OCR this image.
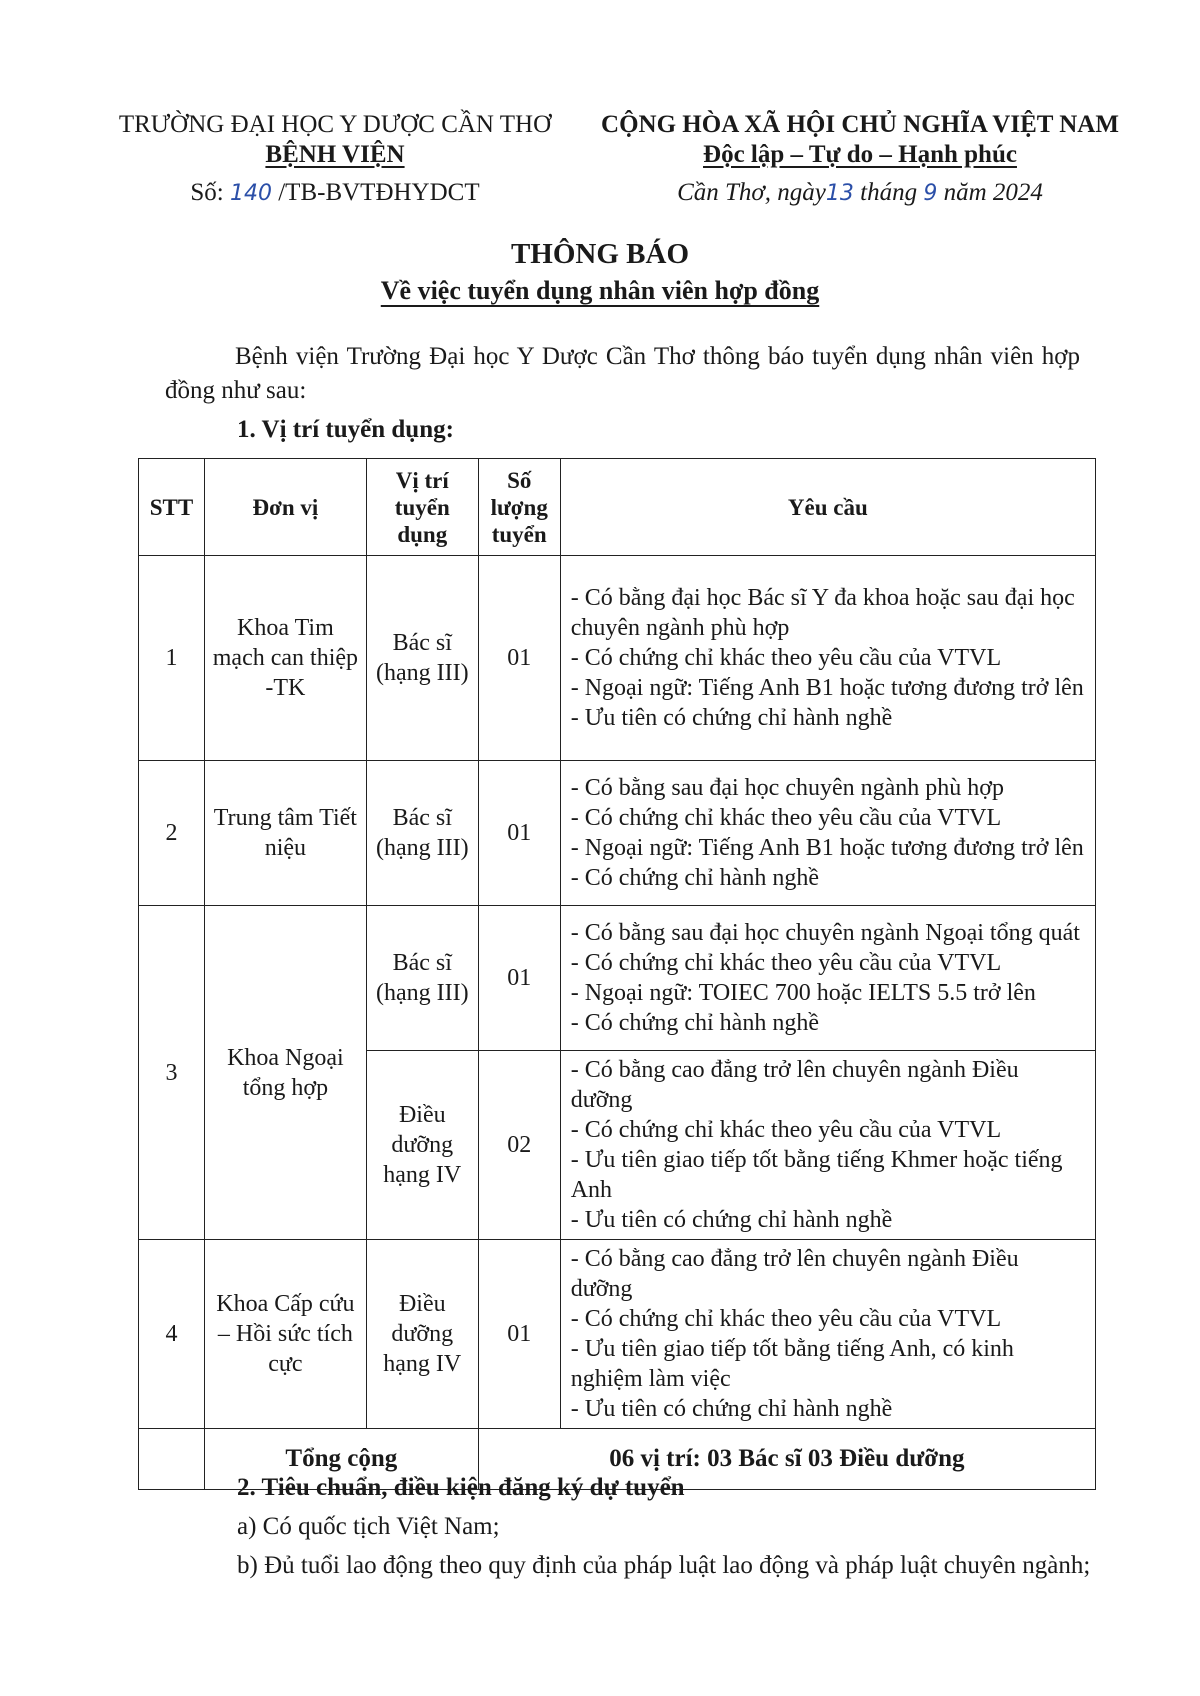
TRƯỜNG ĐẠI HỌC Y DƯỢC CẦN THƠ
BỆNH VIỆN
Số: 140 /TB-BVTĐHYDCT
CỘNG HÒA XÃ HỘI CHỦ NGHĨA VIỆT NAM
Độc lập – Tự do – Hạnh phúc
Cần Thơ, ngày13 tháng 9 năm 2024
THÔNG BÁO
Về việc tuyển dụng nhân viên hợp đồng
Bệnh viện Trường Đại học Y Dược Cần Thơ thông báo tuyển dụng nhân viên hợp đồng như sau:
1. Vị trí tuyển dụng:
STT	Đơn vị	Vị trí tuyển dụng	Số lượng tuyển	Yêu cầu
1	Khoa Tim mạch can thiệp -TK	Bác sĩ (hạng III)	01	- Có bằng đại học Bác sĩ Y đa khoa hoặc sau đại học chuyên ngành phù hợp
- Có chứng chỉ khác theo yêu cầu của VTVL
- Ngoại ngữ: Tiếng Anh B1 hoặc tương đương trở lên
- Ưu tiên có chứng chỉ hành nghề

2	Trung tâm Tiết niệu	Bác sĩ (hạng III)	01	- Có bằng sau đại học chuyên ngành phù hợp
- Có chứng chỉ khác theo yêu cầu của VTVL
- Ngoại ngữ: Tiếng Anh B1 hoặc tương đương trở lên
- Có chứng chỉ hành nghề

3	Khoa Ngoại tổng hợp	Bác sĩ (hạng III)	01	- Có bằng sau đại học chuyên ngành Ngoại tổng quát
- Có chứng chỉ khác theo yêu cầu của VTVL
- Ngoại ngữ: TOIEC 700 hoặc IELTS 5.5 trở lên
- Có chứng chỉ hành nghề

		Điều dưỡng hạng IV	02	- Có bằng cao đẳng trở lên chuyên ngành Điều dưỡng
- Có chứng chỉ khác theo yêu cầu của VTVL
- Ưu tiên giao tiếp tốt bằng tiếng Khmer hoặc tiếng Anh
- Ưu tiên có chứng chỉ hành nghề

4	Khoa Cấp cứu – Hồi sức tích cực	Điều dưỡng hạng IV	01	- Có bằng cao đẳng trở lên chuyên ngành Điều dưỡng
- Có chứng chỉ khác theo yêu cầu của VTVL
- Ưu tiên giao tiếp tốt bằng tiếng Anh, có kinh nghiệm làm việc
- Ưu tiên có chứng chỉ hành nghề

	Tổng cộng		06 vị trí: 03 Bác sĩ 03 Điều dưỡng	
2. Tiêu chuẩn, điều kiện đăng ký dự tuyển
a) Có quốc tịch Việt Nam;
b) Đủ tuổi lao động theo quy định của pháp luật lao động và pháp luật chuyên ngành;
